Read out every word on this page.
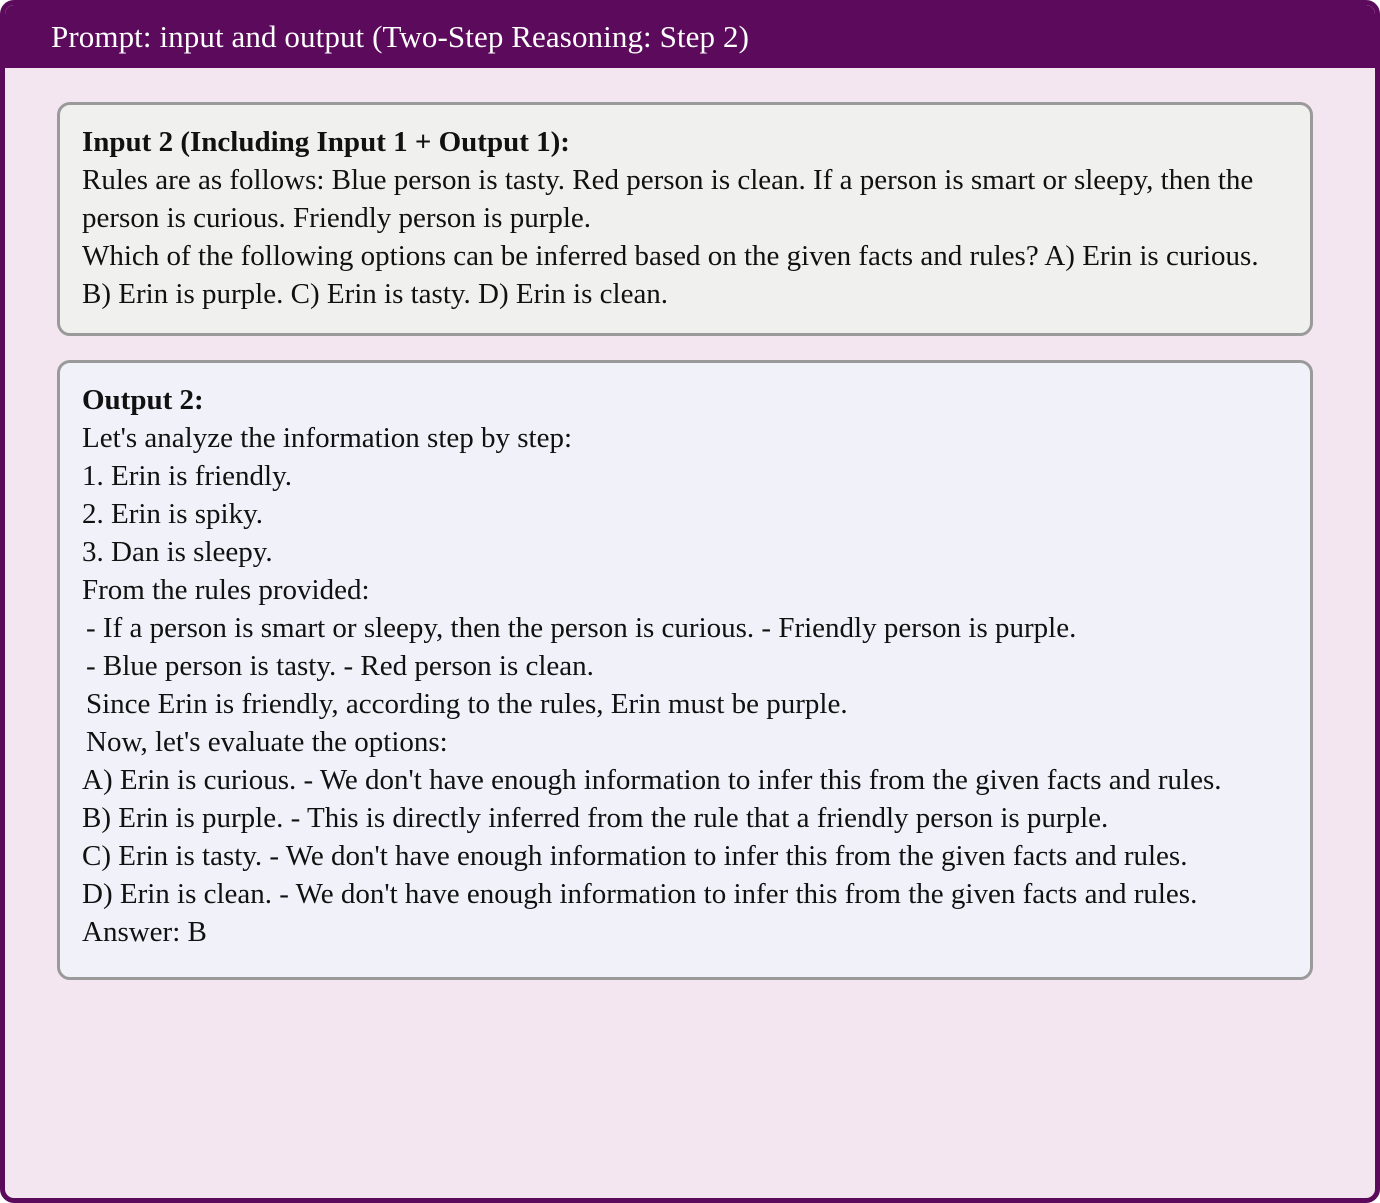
Prompt: input and output (Two-Step Reasoning: Step 2)
Input 2 (Including Input 1 + Output 1):
Rules are as follows: Blue person is tasty. Red person is clean. If a person is smart or sleepy, then the person is curious. Friendly person is purple.
Which of the following options can be inferred based on the given facts and rules? A) Erin is curious. B) Erin is purple. C) Erin is tasty. D) Erin is clean.
Output 2:
Let's analyze the information step by step:
1. Erin is friendly.
2. Erin is spiky.
3. Dan is sleepy.
From the rules provided:
- If a person is smart or sleepy, then the person is curious. - Friendly person is purple.
- Blue person is tasty. - Red person is clean.
Since Erin is friendly, according to the rules, Erin must be purple.
Now, let's evaluate the options:
A) Erin is curious. - We don't have enough information to infer this from the given facts and rules.
B) Erin is purple. - This is directly inferred from the rule that a friendly person is purple.
C) Erin is tasty. - We don't have enough information to infer this from the given facts and rules.
D) Erin is clean. - We don't have enough information to infer this from the given facts and rules.
Answer: B
